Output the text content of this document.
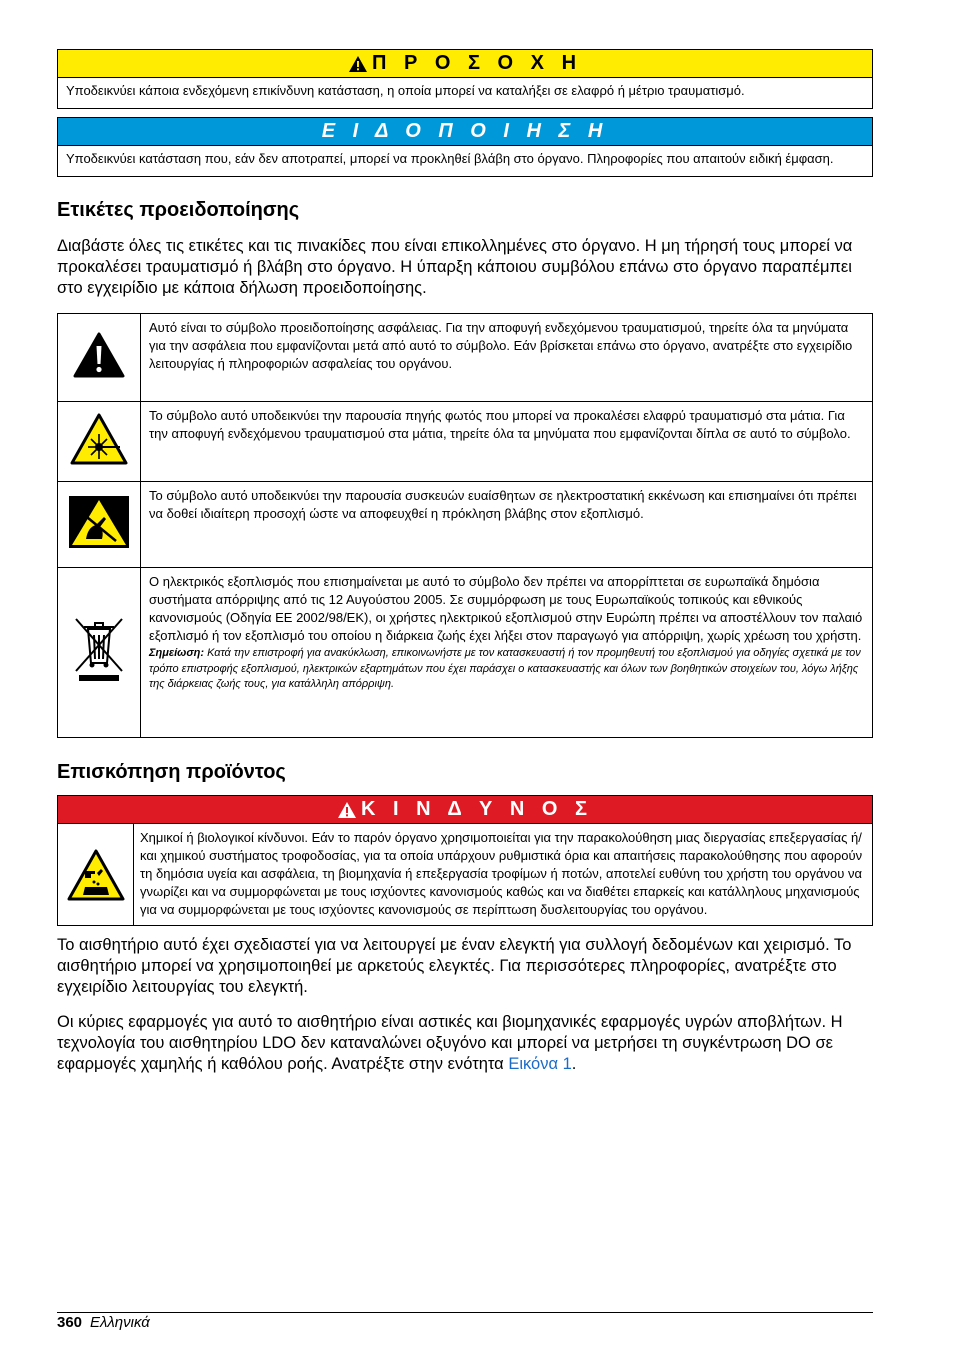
Π Ρ Ο Σ Ο Χ Η
Υποδεικνύει κάποια ενδεχόμενη επικίνδυνη κατάσταση, η οποία μπορεί να καταλήξει σε ελαφρό ή μέτριο τραυματισμό.
Ε Ι Δ Ο Π Ο Ι Η Σ Η
Υποδεικνύει κατάσταση που, εάν δεν αποτραπεί, μπορεί να προκληθεί βλάβη στο όργανο. Πληροφορίες που απαιτούν ειδική έμφαση.
Ετικέτες προειδοποίησης

Διαβάστε όλες τις ετικέτες και τις πινακίδες που είναι επικολλημένες στο όργανο. Η μη τήρησή τους μπορεί να προκαλέσει τραυματισμό ή βλάβη στο όργανο. Η ύπαρξη κάποιου συμβόλου επάνω στο όργανο παραπέμπει στο εγχειρίδιο με κάποια δήλωση προειδοποίησης.

	Αυτό είναι το σύμβολο προειδοποίησης ασφάλειας. Για την αποφυγή ενδεχόμενου τραυματισμού, τηρείτε όλα τα μηνύματα για την ασφάλεια που εμφανίζονται μετά από αυτό το σύμβολο. Εάν βρίσκεται επάνω στο όργανο, ανατρέξτε στο εγχειρίδιο λειτουργίας ή πληροφοριών ασφαλείας του οργάνου.
	Το σύμβολο αυτό υποδεικνύει την παρουσία πηγής φωτός που μπορεί να προκαλέσει ελαφρύ τραυματισμό στα μάτια. Για την αποφυγή ενδεχόμενου τραυματισμού στα μάτια, τηρείτε όλα τα μηνύματα που εμφανίζονται δίπλα σε αυτό το σύμβολο.
	Το σύμβολο αυτό υποδεικνύει την παρουσία συσκευών ευαίσθητων σε ηλεκτροστατική εκκένωση και επισημαίνει ότι πρέπει να δοθεί ιδιαίτερη προσοχή ώστε να αποφευχθεί η πρόκληση βλάβης στον εξοπλισμό.

Ο ηλεκτρικός εξοπλισμός που επισημαίνεται με αυτό το σύμβολο δεν πρέπει να απορρίπτεται σε ευρωπαϊκά δημόσια συστήματα απόρριψης από τις 12 Αυγούστου 2005. Σε συμμόρφωση με τους Ευρωπαϊκούς τοπικούς και εθνικούς κανονισμούς (Οδηγία ΕΕ 2002/98/ΕΚ), οι χρήστες ηλεκτρικού εξοπλισμού στην Ευρώπη πρέπει να αποστέλλουν τον παλαιό εξοπλισμό ή τον εξοπλισμό του οποίου η διάρκεια ζωής έχει λήξει στον παραγωγό για απόρριψη, χωρίς χρέωση του χρήστη.
Σημείωση: Κατά την επιστροφή για ανακύκλωση, επικοινωνήστε με τον κατασκευαστή ή τον προμηθευτή του εξοπλισμού για οδηγίες σχετικά με τον τρόπο επιστροφής εξοπλισμού, ηλεκτρικών εξαρτημάτων που έχει παράσχει ο κατασκευαστής και όλων των βοηθητικών στοιχείων του, λόγω λήξης της διάρκειας ζωής τους, για κατάλληλη απόρριψη.
Επισκόπηση προϊόντος
Κ Ι Ν Δ Υ Ν Ο Σ
Χημικοί ή βιολογικοί κίνδυνοι. Εάν το παρόν όργανο χρησιμοποιείται για την παρακολούθηση μιας διεργασίας επεξεργασίας ή/και χημικού συστήματος τροφοδοσίας, για τα οποία υπάρχουν ρυθμιστικά όρια και απαιτήσεις παρακολούθησης που αφορούν τη δημόσια υγεία και ασφάλεια, τη βιομηχανία ή επεξεργασία τροφίμων ή ποτών, αποτελεί ευθύνη του χρήστη του οργάνου να γνωρίζει και να συμμορφώνεται με τους ισχύοντες κανονισμούς καθώς και να διαθέτει επαρκείς και κατάλληλους μηχανισμούς για να συμμορφώνεται με τους ισχύοντες κανονισμούς σε περίπτωση δυσλειτουργίας του οργάνου.

Το αισθητήριο αυτό έχει σχεδιαστεί για να λειτουργεί με έναν ελεγκτή για συλλογή δεδομένων και χειρισμό. Το αισθητήριο μπορεί να χρησιμοποιηθεί με αρκετούς ελεγκτές. Για περισσότερες πληροφορίες, ανατρέξτε στο εγχειρίδιο λειτουργίας του ελεγκτή.

Οι κύριες εφαρμογές για αυτό το αισθητήριο είναι αστικές και βιομηχανικές εφαρμογές υγρών αποβλήτων. Η τεχνολογία του αισθητηρίου LDO δεν καταναλώνει οξυγόνο και μπορεί να μετρήσει τη συγκέντρωση DO σε εφαρμογές χαμηλής ή καθόλου ροής. Ανατρέξτε στην ενότητα Εικόνα 1.

360 Ελληνικά
